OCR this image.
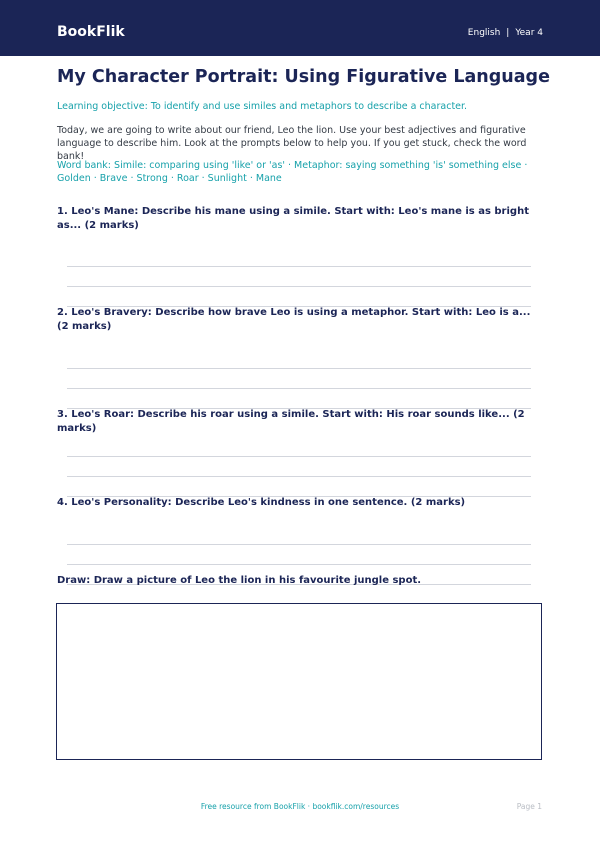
BookFlik	English | Year 4
My Character Portrait: Using Figurative Language
Learning objective: To identify and use similes and metaphors to describe a character.
Today, we are going to write about our friend, Leo the lion. Use your best adjectives and figurative language to describe him. Look at the prompts below to help you. If you get stuck, check the word bank!
Word bank: Simile: comparing using 'like' or 'as' · Metaphor: saying something 'is' something else · Golden · Brave · Strong · Roar · Sunlight · Mane
1. Leo's Mane: Describe his mane using a simile. Start with: Leo's mane is as bright as... (2 marks)
2. Leo's Bravery: Describe how brave Leo is using a metaphor. Start with: Leo is a... (2 marks)
3. Leo's Roar: Describe his roar using a simile. Start with: His roar sounds like... (2 marks)
4. Leo's Personality: Describe Leo's kindness in one sentence. (2 marks)
Draw: Draw a picture of Leo the lion in his favourite jungle spot.
Free resource from BookFlik · bookflik.com/resources	Page 1
